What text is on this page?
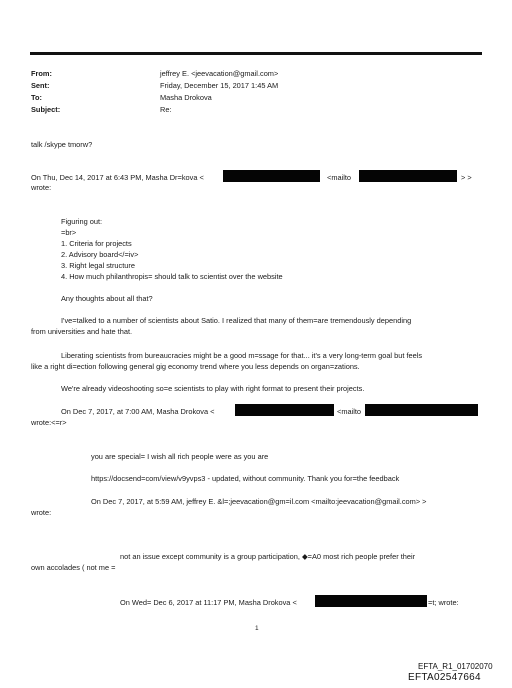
From:	jeffrey E. <jeevacation@gmail.com>
Sent:	Friday, December 15, 2017 1:45 AM
To:	Masha Drokova
Subject:	Re:
talk /skype tmorw?
On Thu, Dec 14, 2017 at 6:43 PM, Masha Dr=kova <	<mailto	> >
wrote:
Figuring out:
=br>
1. Criteria for projects
2. Advisory board</=iv>
3. Right legal structure
4. How much philanthropis= should talk to scientist over the website
Any thoughts about all that?
I've=talked to a number of scientists about Satio. I realized that many of them=are tremendously depending
from universities and hate that.
Liberating scientists from bureaucracies might be a good m=ssage for that... it's a very long-term goal but feels
like a right di=ection following general gig economy trend where you less depends on organ=zations.
We're already videoshooting so=e scientists to play with right format to present their projects.
On Dec 7, 2017, at 7:00 AM, Masha Drokova <	<mailto
wrote:<=r>
you are special= I wish all rich people were as you are
https://docsend=com/view/v9yvps3 - updated, without community. Thank you for=the feedback
On Dec 7, 2017, at 5:59 AM, jeffrey E. &l=;jeevacation@gm=il.com <mailto:jeevacation@gmail.com> >
wrote:
not an issue except community is a group participation, ◆=A0 most rich people prefer their
own accolades ( not me =
On Wed= Dec 6, 2017 at 11:17 PM, Masha Drokova <	=t; wrote:
1
EFTA_R1_01702070
EFTA02547664
